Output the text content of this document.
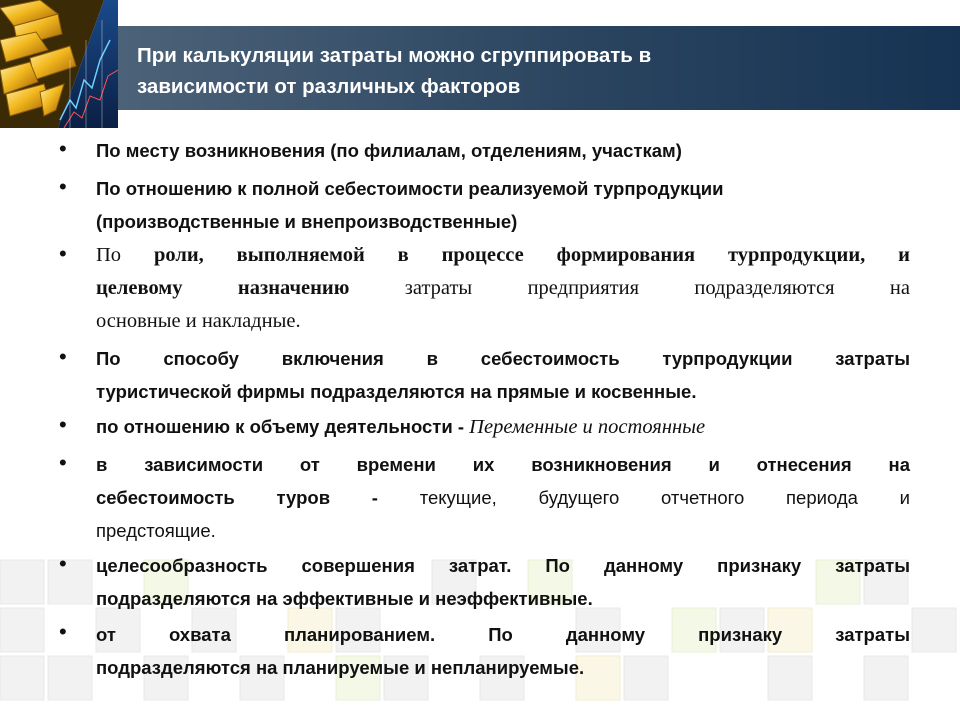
При калькуляции затраты можно сгруппировать в
зависимости от различных факторов
• По месту возникновения (по филиалам, отделениям, участкам)
• По отношению к полной себестоимости реализуемой турпродукции
(производственные и внепроизводственные)
• По роли, выполняемой в процессе формирования турпродукции, и
целевому назначению затраты предприятия подразделяются на
основные и накладные.
• По способу включения в себестоимость турпродукции затраты
туристической фирмы подразделяются на прямые и косвенные.
• по отношению к объему деятельности - Переменные и постоянные
• в зависимости от времени их возникновения и отнесения на
себестоимость туров - текущие, будущего отчетного периода и
предстоящие.
• целесообразность совершения затрат. По данному признаку затраты
подразделяются на эффективные и неэффективные.
• от охвата планированием. По данному признаку затраты
подразделяются на планируемые и непланируемые.
